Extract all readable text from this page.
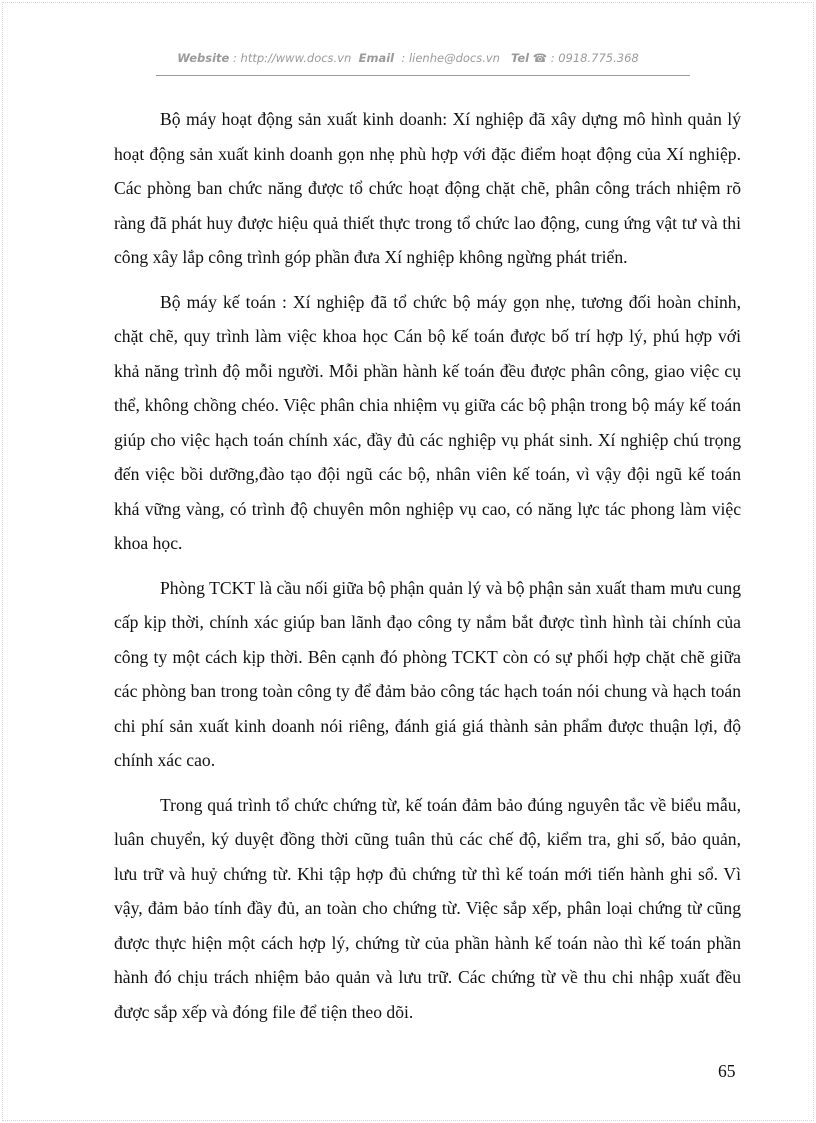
Website : http://www.docs.vn Email  : lienhe@docs.vn Tel ☎ : 0918.775.368

Bộ máy hoạt động sản xuất kinh doanh: Xí nghiệp đã xây dựng mô hình quản lý hoạt động sản xuất kinh doanh gọn nhẹ phù hợp với đặc điểm hoạt động của Xí nghiệp. Các phòng ban chức năng được tổ chức hoạt động chặt chẽ, phân công trách nhiệm rõ ràng đã phát huy được hiệu quả thiết thực trong tổ chức lao động, cung ứng vật tư và thi công xây lắp công trình góp phần đưa Xí nghiệp không ngừng phát triển.

Bộ máy kế toán : Xí nghiệp đã tổ chức bộ máy gọn nhẹ, tương đối hoàn chỉnh, chặt chẽ, quy trình làm việc khoa học Cán bộ kế toán được bố trí hợp lý, phú hợp với khả năng trình độ mỗi người. Mỗi phần hành kế toán đều được phân công, giao việc cụ thể, không chồng chéo. Việc phân chia nhiệm vụ giữa các bộ phận trong bộ máy kế toán giúp cho việc hạch toán chính xác, đầy đủ các nghiệp vụ phát sinh. Xí nghiệp chú trọng đến việc bồi dưỡng,đào tạo đội ngũ các bộ, nhân viên kế toán, vì vậy đội ngũ kế toán khá vững vàng, có trình độ chuyên môn nghiệp vụ cao, có năng lực tác phong làm việc khoa học.

Phòng TCKT là cầu nối giữa bộ phận quản lý và bộ phận sản xuất tham mưu cung cấp kịp thời, chính xác giúp ban lãnh đạo công ty nắm bắt được tình hình tài chính của công ty một cách kịp thời. Bên cạnh đó phòng TCKT còn có sự phối hợp chặt chẽ giữa các phòng ban trong toàn công ty để đảm bảo công tác hạch toán nói chung và hạch toán chi phí sản xuất kinh doanh nói riêng, đánh giá giá thành sản phẩm được thuận lợi, độ chính xác cao.

Trong quá trình tổ chức chứng từ, kế toán đảm bảo đúng nguyên tắc về biểu mẫu, luân chuyển, ký duyệt đồng thời cũng tuân thủ các chế độ, kiểm tra, ghi số, bảo quản, lưu trữ và huỷ chứng từ. Khi tập hợp đủ chứng từ thì kế toán mới tiến hành ghi sổ. Vì vậy, đảm bảo tính đầy đủ, an toàn cho chứng từ. Việc sắp xếp, phân loại chứng từ cũng được thực hiện một cách hợp lý, chứng từ của phần hành kế toán nào thì kế toán phần hành đó chịu trách nhiệm bảo quản và lưu trữ. Các chứng từ về thu chi nhập xuất đều được sắp xếp và đóng file để tiện theo dõi.

65
